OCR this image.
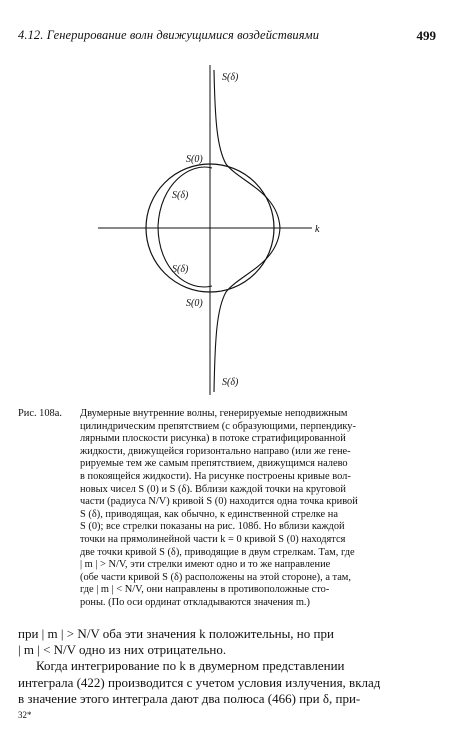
4.12. Генерирование волн движущимися воздействиями	499
S(δ)
S(0)
S(δ)
S(δ)
S(0)
S(δ)
k
Рис. 108а.	Двумерные внутренние волны, генерируемые неподвижным
цилиндрическим препятствием (с образующими, перпендику-
лярными плоскости рисунка) в потоке стратифицированной
жидкости, движущейся горизонтально направо (или же гене-
рируемые тем же самым препятствием, движущимся налево
в покоящейся жидкости). На рисунке построены кривые вол-
новых чисел S (0) и S (δ). Вблизи каждой точки на круговой
части (радиуса N/V) кривой S (0) находится одна точка кривой
S (δ), приводящая, как обычно, к единственной стрелке на
S (0); все стрелки показаны на рис. 108б. Но вблизи каждой
точки на прямолинейной части k = 0 кривой S (0) находятся
две точки кривой S (δ), приводящие в двум стрелкам. Там, где
| m | > N/V, эти стрелки имеют одно и то же направление
(обе части кривой S (δ) расположены на этой стороне), а там,
где | m | < N/V, они направлены в противоположные сто-
роны. (По оси ординат откладываются значения m.)

при | m | > N/V оба эти значения k положительны, но при

| m | < N/V одно из них отрицательно.

Когда интегрирование по k в двумерном представлении

интеграла (422) производится с учетом условия излучения, вклад

в значение этого интеграла дают два полюса (466) при δ, при-

32*
